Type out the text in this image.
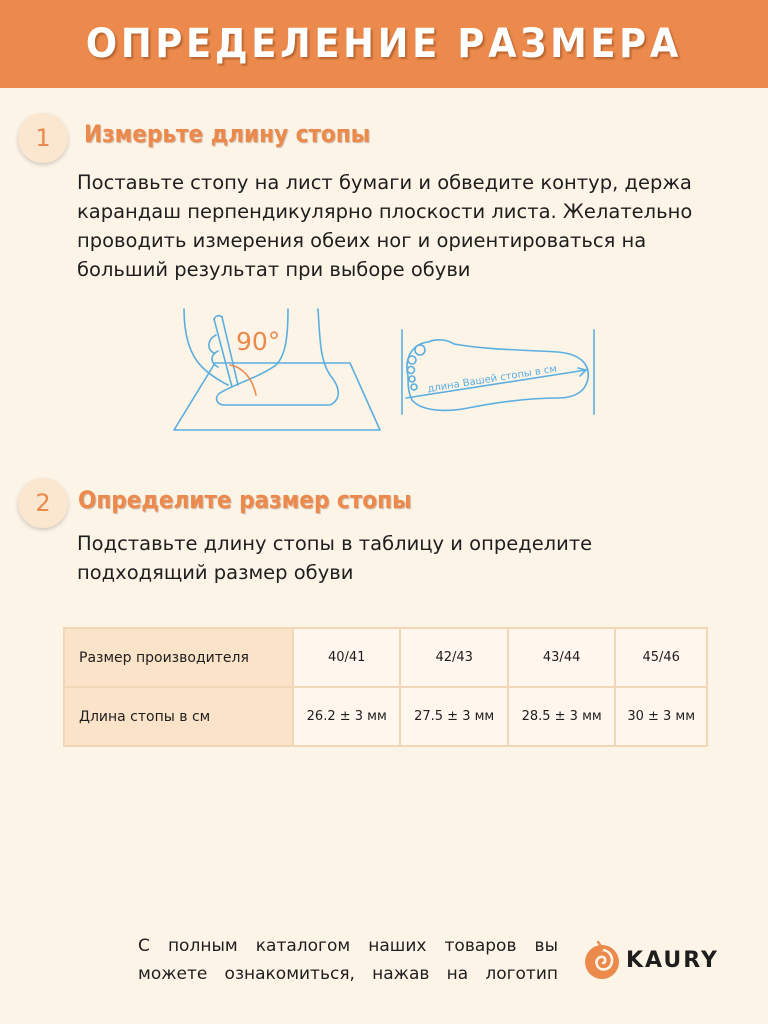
ОПРЕДЕЛЕНИЕ РАЗМЕРА
1 Измерьте длину стопы
Поставьте стопу на лист бумаги и обведите контур, держа
карандаш перпендикулярно плоскости листа. Желательно
проводить измерения обеих ног и ориентироваться на
больший результат при выборе обуви
90°
длина Вашей стопы в см
2 Определите размер стопы
Подставьте длину стопы в таблицу и определите
подходящий размер обуви
Размер производителя	40/41	42/43	43/44	45/46
Длина стопы в см	26.2 ± 3 мм	27.5 ± 3 мм	28.5 ± 3 мм	30 ± 3 мм
С полным каталогом наших товаров вы
можете ознакомиться, нажав на логотип
KAURY
